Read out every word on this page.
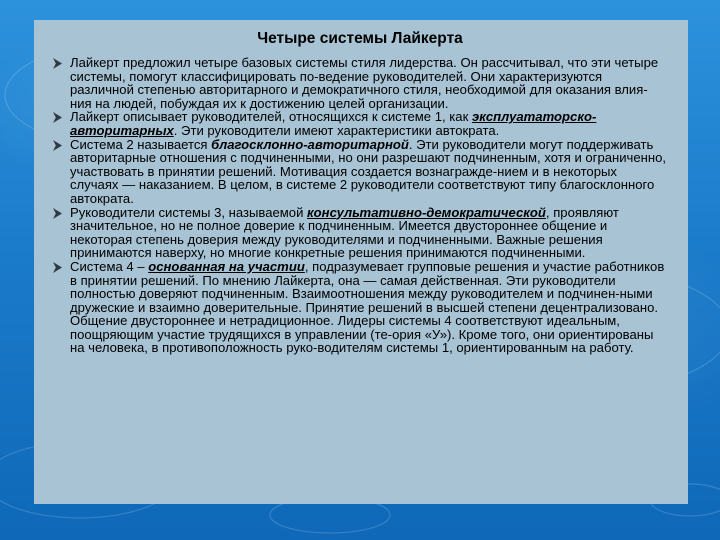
Четыре системы Лайкерта
Лайкерт предложил четыре базовых системы стиля лидерства. Он рассчитывал, что эти четыре системы, помогут классифицировать по-ведение руководителей. Они характеризуются различной степенью авторитарного и демократичного стиля, необходимой для оказания влия-ния на людей, побуждая их к достижению целей организации.
Лайкерт описывает руководителей, относящихся к системе 1, как эксплуататорско-авторитарных. Эти руководители имеют характеристики автократа.
Система 2 называется благосклонно-авторитарной. Эти руководители могут поддерживать авторитарные отношения с подчиненными, но они разрешают подчиненным, хотя и ограниченно, участвовать в принятии решений. Мотивация создается вознагражде-нием и в некоторых случаях — наказанием. В целом, в системе 2 руководители соответствуют типу благосклонного автократа.
Руководители системы 3, называемой консультативно-демократической, проявляют значительное, но не полное доверие к подчиненным. Имеется двустороннее общение и некоторая степень доверия между руководителями и подчиненными. Важные решения принимаются наверху, но многие конкретные решения принимаются подчиненными.
Система 4 – основанная на участии, подразумевает групповые решения и участие работников в принятии решений. По мнению Лайкерта, она — самая действенная. Эти руководители полностью доверяют подчиненным. Взаимоотношения между руководителем и подчинен-ными дружеские и взаимно доверительные. Принятие решений в высшей степени децентрализовано. Общение двустороннее и нетрадиционное. Лидеры системы 4 соответствуют идеальным, поощряющим участие трудящихся в управлении (те-ория «У»). Кроме того, они ориентированы на человека, в противоположность руко-водителям системы 1, ориентированным на работу.
